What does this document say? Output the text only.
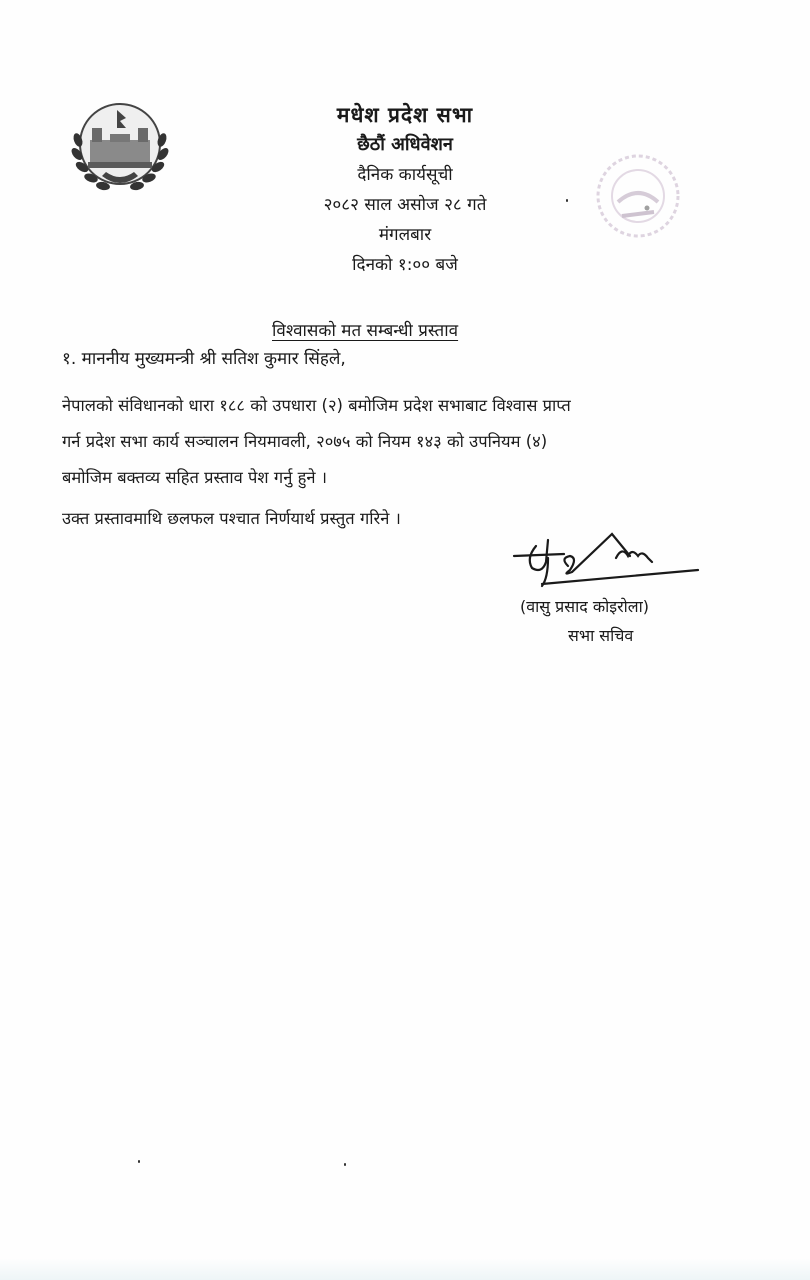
मधेश प्रदेश सभा
छैठौं अधिवेशन
दैनिक कार्यसूची
२०८२ साल असोज २८ गते
मंगलबार
दिनको १:०० बजे
विश्वासको मत सम्बन्धी प्रस्ताव
१. माननीय मुख्यमन्त्री श्री सतिश कुमार सिंहले,
नेपालको संविधानको धारा १८८ को उपधारा (२) बमोजिम प्रदेश सभाबाट विश्वास प्राप्त
गर्न प्रदेश सभा कार्य सञ्चालन नियमावली, २०७५ को नियम १४३ को उपनियम (४)
बमोजिम बक्तव्य सहित प्रस्ताव पेश गर्नु हुने ।
उक्त प्रस्तावमाथि छलफल पश्चात निर्णयार्थ प्रस्तुत गरिने ।
(वासु प्रसाद कोइरोला)
सभा सचिव
